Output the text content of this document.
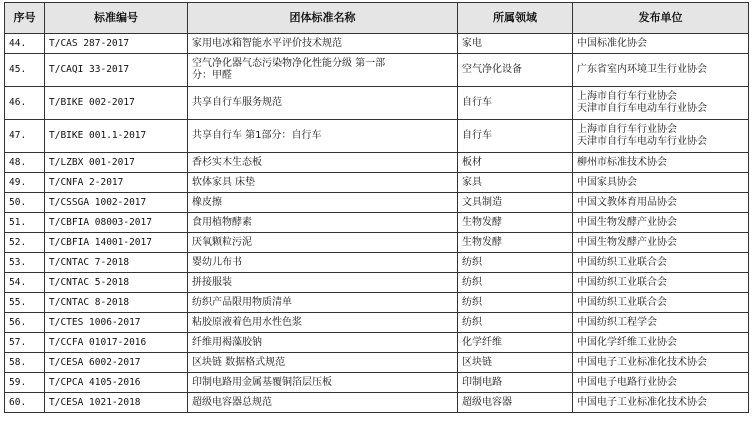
序号	标准编号	团体标准名称	所属领域	发布单位
44.	T/CAS 287-2017	家用电冰箱智能水平评价技术规范	家电	中国标准化协会

45.	T/CAQI 33-2017	空气净化器气态污染物净化性能分级 第一部
分：甲醛	空气净化设备	广东省室内环境卫生行业协会

46.	T/BIKE 002-2017	共享自行车服务规范	自行车	上海市自行车行业协会
天津市自行车电动车行业协会

47.	T/BIKE 001.1-2017	共享自行车 第1部分：自行车	自行车	上海市自行车行业协会
天津市自行车电动车行业协会

48.	T/LZBX 001-2017	香杉实木生态板	板材	柳州市标准技术协会

49.	T/CNFA 2-2017	软体家具 床垫	家具	中国家具协会

50.	T/CSSGA 1002-2017	橡皮擦	文具制造	中国文教体育用品协会

51.	T/CBFIA 08003-2017	食用植物酵素	生物发酵	中国生物发酵产业协会

52.	T/CBFIA 14001-2017	厌氧颗粒污泥	生物发酵	中国生物发酵产业协会

53.	T/CNTAC 7-2018	婴幼儿布书	纺织	中国纺织工业联合会

54.	T/CNTAC 5-2018	拼接服装	纺织	中国纺织工业联合会

55.	T/CNTAC 8-2018	纺织产品限用物质清单	纺织	中国纺织工业联合会

56.	T/CTES 1006-2017	粘胶原液着色用水性色浆	纺织	中国纺织工程学会

57.	T/CCFA 01017-2016	纤维用褐藻胶钠	化学纤维	中国化学纤维工业协会

58.	T/CESA 6002-2017	区块链 数据格式规范	区块链	中国电子工业标准化技术协会

59.	T/CPCA 4105-2016	印制电路用金属基覆铜箔层压板	印制电路	中国电子电路行业协会

60.	T/CESA 1021-2018	超级电容器总规范	超级电容器	中国电子工业标准化技术协会
